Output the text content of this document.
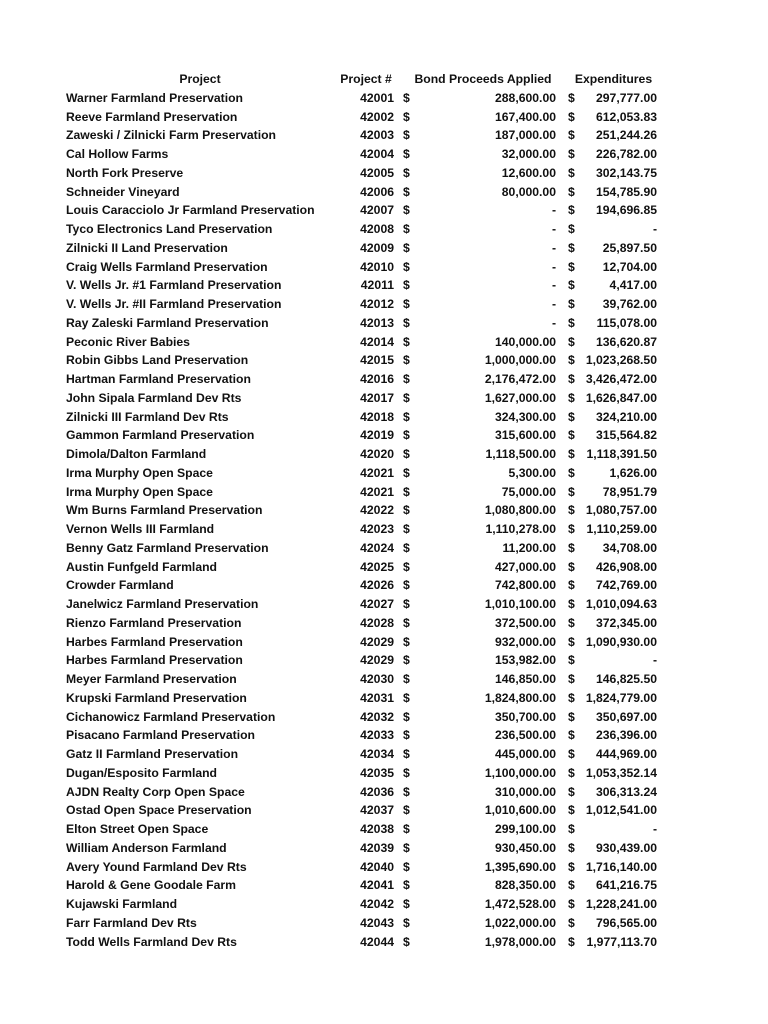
Project	Project #	Bond Proceeds Applied	Expenditures
Warner Farmland Preservation	42001 $	288,600.00 $	297,777.00
Reeve Farmland Preservation	42002 $	167,400.00 $	612,053.83
Zaweski / Zilnicki Farm Preservation	42003 $	187,000.00 $	251,244.26
Cal Hollow Farms	42004 $	32,000.00 $	226,782.00
North Fork Preserve	42005 $	12,600.00 $	302,143.75
Schneider Vineyard	42006 $	80,000.00 $	154,785.90
Louis Caracciolo Jr Farmland Preservation	42007 $	- $	194,696.85
Tyco Electronics Land Preservation	42008 $	- $	-
Zilnicki II Land Preservation	42009 $	- $	25,897.50
Craig Wells Farmland Preservation	42010 $	- $	12,704.00
V. Wells Jr. #1 Farmland Preservation	42011 $	- $	4,417.00
V. Wells Jr. #II Farmland Preservation	42012 $	- $	39,762.00
Ray Zaleski Farmland Preservation	42013 $	- $	115,078.00
Peconic River Babies	42014 $	140,000.00 $	136,620.87
Robin Gibbs Land Preservation	42015 $	1,000,000.00 $ 1,023,268.50
Hartman Farmland Preservation	42016 $	2,176,472.00 $ 3,426,472.00
John Sipala Farmland Dev Rts	42017 $	1,627,000.00 $ 1,626,847.00
Zilnicki III Farmland Dev Rts	42018 $	324,300.00 $	324,210.00
Gammon Farmland Preservation	42019 $	315,600.00 $	315,564.82
Dimola/Dalton Farmland	42020 $	1,118,500.00 $ 1,118,391.50
Irma Murphy Open Space	42021 $	5,300.00 $	1,626.00
Irma Murphy Open Space	42021 $	75,000.00 $	78,951.79
Wm Burns Farmland Preservation	42022 $	1,080,800.00 $ 1,080,757.00
Vernon Wells III Farmland	42023 $	1,110,278.00 $ 1,110,259.00
Benny Gatz Farmland Preservation	42024 $	11,200.00 $	34,708.00
Austin Funfgeld Farmland	42025 $	427,000.00 $	426,908.00
Crowder Farmland	42026 $	742,800.00 $	742,769.00
Janelwicz Farmland Preservation	42027 $	1,010,100.00 $ 1,010,094.63
Rienzo Farmland Preservation	42028 $	372,500.00 $	372,345.00
Harbes Farmland Preservation	42029 $	932,000.00 $ 1,090,930.00
Harbes Farmland Preservation	42029 $	153,982.00 $	-
Meyer Farmland Preservation	42030 $	146,850.00 $	146,825.50
Krupski Farmland Preservation	42031 $	1,824,800.00 $ 1,824,779.00
Cichanowicz Farmland Preservation	42032 $	350,700.00 $	350,697.00
Pisacano Farmland Preservation	42033 $	236,500.00 $	236,396.00
Gatz II Farmland Preservation	42034 $	445,000.00 $	444,969.00
Dugan/Esposito Farmland	42035 $	1,100,000.00 $ 1,053,352.14
AJDN Realty Corp Open Space	42036 $	310,000.00 $	306,313.24
Ostad Open Space Preservation	42037 $	1,010,600.00 $ 1,012,541.00
Elton Street Open Space	42038 $	299,100.00 $	-
William Anderson Farmland	42039 $	930,450.00 $	930,439.00
Avery Yound Farmland Dev Rts	42040 $	1,395,690.00 $ 1,716,140.00
Harold & Gene Goodale Farm	42041 $	828,350.00 $	641,216.75
Kujawski Farmland	42042 $	1,472,528.00 $ 1,228,241.00
Farr Farmland Dev Rts	42043 $	1,022,000.00 $	796,565.00
Todd Wells Farmland Dev Rts	42044 $	1,978,000.00 $ 1,977,113.70
